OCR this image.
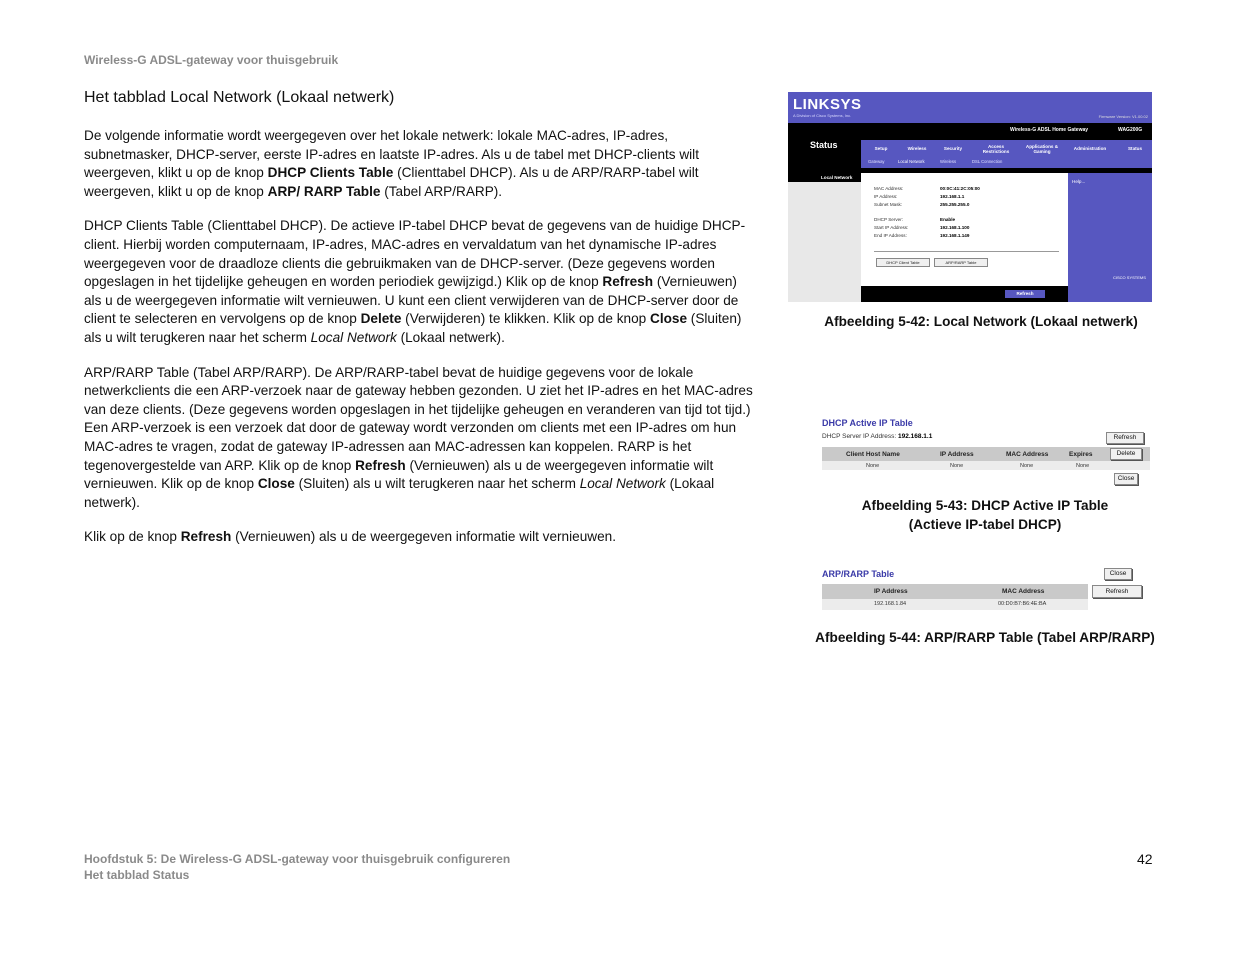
Wireless-G ADSL-gateway voor thuisgebruik
Het tabblad Local Network (Lokaal netwerk)

De volgende informatie wordt weergegeven over het lokale netwerk: lokale MAC-adres, IP-adres, subnetmasker, DHCP-server, eerste IP-adres en laatste IP-adres. Als u de tabel met DHCP-clients wilt weergeven, klikt u op de knop DHCP Clients Table (Clienttabel DHCP). Als u de ARP/RARP-tabel wilt weergeven, klikt u op de knop ARP/ RARP Table (Tabel ARP/RARP).

DHCP Clients Table (Clienttabel DHCP). De actieve IP-tabel DHCP bevat de gegevens van de huidige DHCP-client. Hierbij worden computernaam, IP-adres, MAC-adres en vervaldatum van het dynamische IP-adres weergegeven voor de draadloze clients die gebruikmaken van de DHCP-server. (Deze gegevens worden opgeslagen in het tijdelijke geheugen en worden periodiek gewijzigd.) Klik op de knop Refresh (Vernieuwen) als u de weergegeven informatie wilt vernieuwen. U kunt een client verwijderen van de DHCP-server door de client te selecteren en vervolgens op de knop Delete (Verwijderen) te klikken. Klik op de knop Close (Sluiten) als u wilt terugkeren naar het scherm Local Network (Lokaal netwerk).

ARP/RARP Table (Tabel ARP/RARP). De ARP/RARP-tabel bevat de huidige gegevens voor de lokale netwerkclients die een ARP-verzoek naar de gateway hebben gezonden. U ziet het IP-adres en het MAC-adres van deze clients. (Deze gegevens worden opgeslagen in het tijdelijke geheugen en veranderen van tijd tot tijd.) Een ARP-verzoek is een verzoek dat door de gateway wordt verzonden om clients met een IP-adres om hun MAC-adres te vragen, zodat de gateway IP-adressen aan MAC-adressen kan koppelen. RARP is het tegenovergestelde van ARP. Klik op de knop Refresh (Vernieuwen) als u de weergegeven informatie wilt vernieuwen. Klik op de knop Close (Sluiten) als u wilt terugkeren naar het scherm Local Network (Lokaal netwerk).

Klik op de knop Refresh (Vernieuwen) als u de weergegeven informatie wilt vernieuwen.

LINKSYS
A Division of Cisco Systems, Inc.	Firmware Version: V1.00.02
Status
Wireless-G ADSL Home Gateway	WAG200G
Setup	Wireless	Security	Access Restrictions
Applications & Gaming
Administration	Status
Gateway	Local Network	Wireless	DSL Connection
Local Network
MAC Address:	00:0C:41:2C:05:00
IP Address:	192.168.1.1
Subnet Mask:	255.255.255.0
DHCP Server:	Enable
Start IP Address:	192.168.1.100
End IP Address:	192.168.1.149
DHCP Client Table	ARP/RARP Table
Help...
CISCO SYSTEMS
Refresh
Afbeelding 5-42: Local Network (Lokaal netwerk)
DHCP Active IP Table
DHCP Server IP Address: 192.168.1.1	Refresh
Client Host Name	IP Address	MAC Address	Expires
None	None	None	None
Delete
Close
Afbeelding 5-43: DHCP Active IP Table
(Actieve IP-tabel DHCP)
ARP/RARP Table	Close
IP Address	MAC Address	Refresh
192.168.1.84	00:D0:B7:B6:4E:BA
Afbeelding 5-44: ARP/RARP Table (Tabel ARP/RARP)
Hoofdstuk 5: De Wireless-G ADSL-gateway voor thuisgebruik configureren
Het tabblad Status
42
